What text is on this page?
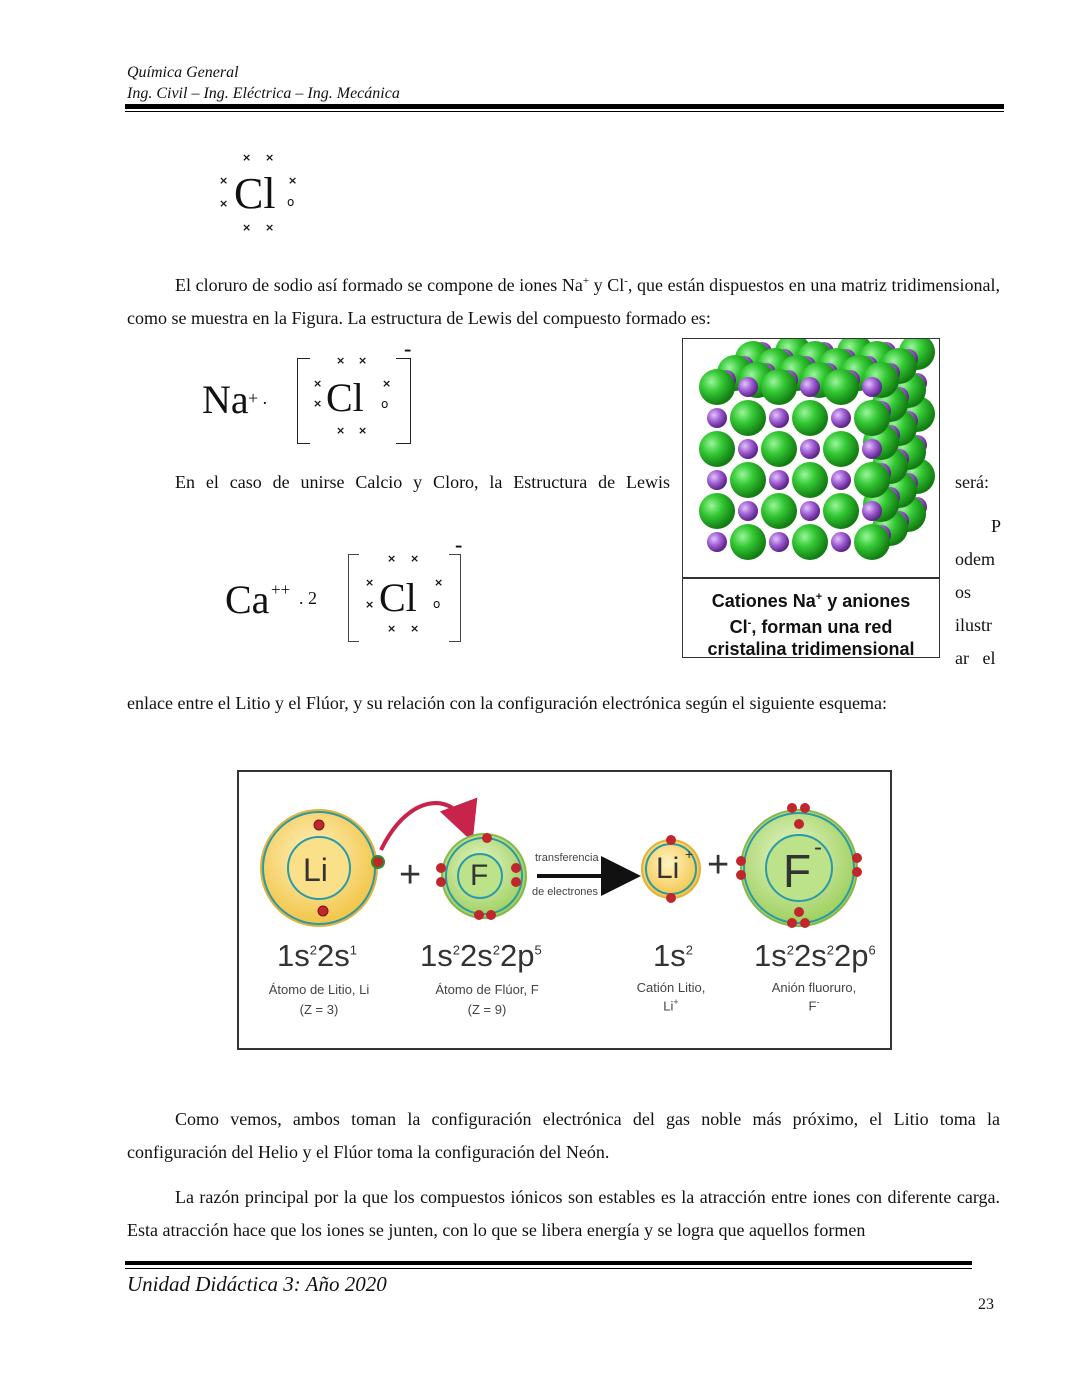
Química General
Ing. Civil – Ing. Eléctrica – Ing. Mecánica
Cl
× ×
×
×
×
o
× ×

El cloruro de sodio así formado se compone de iones Na+ y Cl-, que están dispuestos en una matriz tridimensional, como se muestra en la Figura. La estructura de Lewis del compuesto formado es:

Na + . Cl
× ×
×
×
×
o
× ×
-
En el caso de unirse Calcio y Cloro, la Estructura de Lewis	será:
P
odem
os
ilustr
ar   el
Ca ++ . 2 Cl
× ×
×
×
×
o
× ×
-
Cationes Na+ y aniones
Cl-, forman una red
cristalina tridimensional

enlace entre el Litio y el Flúor, y su relación con la configuración electrónica según el siguiente esquema:

Li	F	Li + F -
+	+
transferencia
de electrones
$1s^22s^1$ $1s^22s^22p^5$	$1s^2$ $1s^22s^22p^6$
Átomo de Litio, Li
(Z = 3)
Átomo de Flúor, F
(Z = 9)
Catión Litio,
Li+
Anión fluoruro,
F-

Como vemos, ambos toman la configuración electrónica del gas noble más próximo, el Litio toma la configuración del Helio y el Flúor toma la configuración del Neón.

La razón principal por la que los compuestos iónicos son estables es la atracción entre iones con diferente carga. Esta atracción hace que los iones se junten, con lo que se libera energía y se logra que aquellos formen

Unidad Didáctica 3: Año 2020
23
